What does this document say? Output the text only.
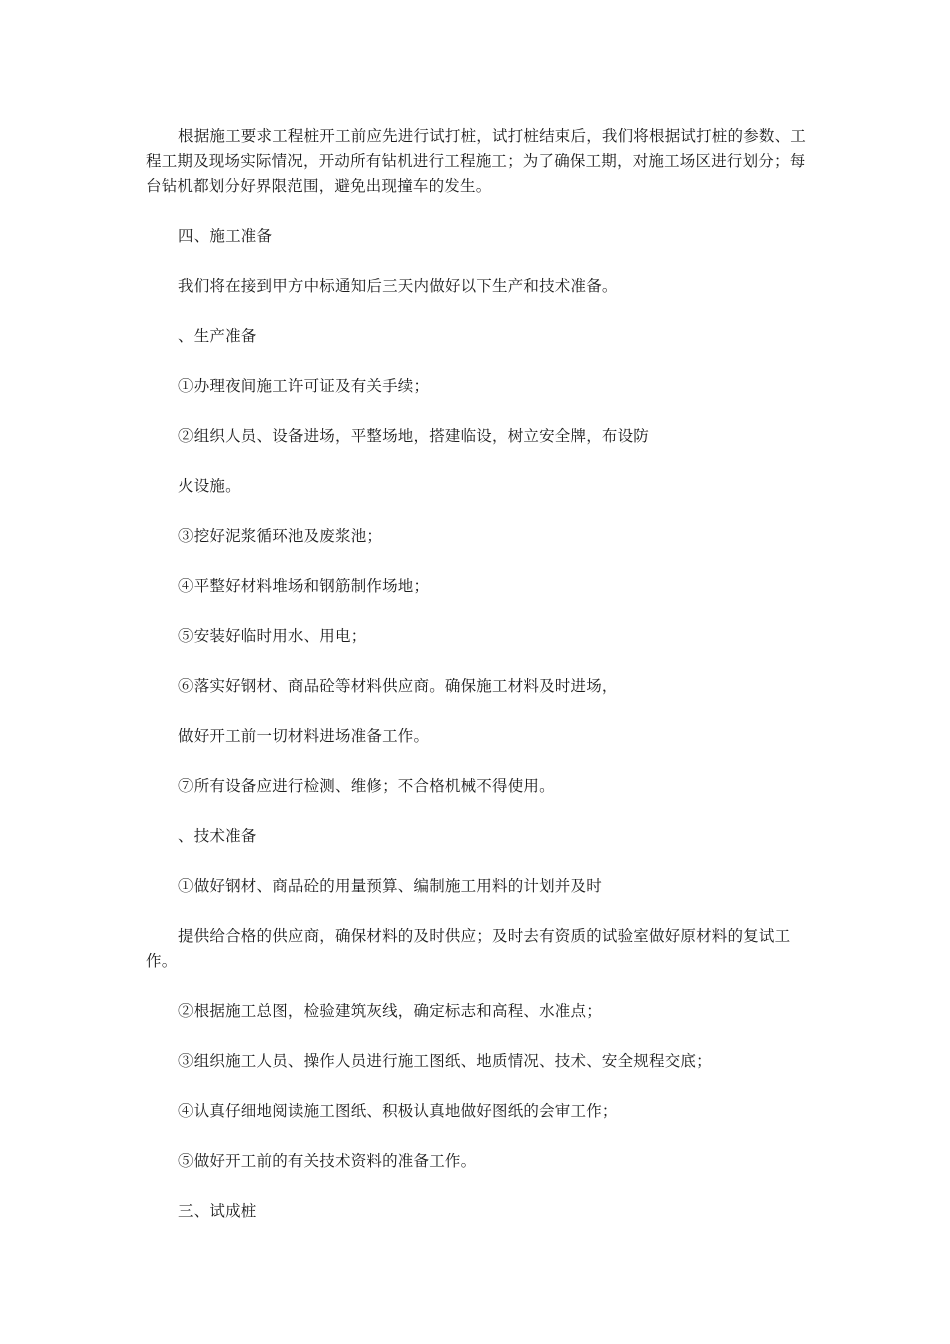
根据施工要求工程桩开工前应先进行试打桩，试打桩结束后，我们将根据试打桩的参数、工程工期及现场实际情况，开动所有钻机进行工程施工；为了确保工期，对施工场区进行划分；每台钻机都划分好界限范围，避免出现撞车的发生。
四、施工准备
我们将在接到甲方中标通知后三天内做好以下生产和技术准备。
、生产准备
①办理夜间施工许可证及有关手续；
②组织人员、设备进场，平整场地，搭建临设，树立安全牌，布设防
火设施。
③挖好泥浆循环池及废浆池；
④平整好材料堆场和钢筋制作场地；
⑤安装好临时用水、用电；
⑥落实好钢材、商品砼等材料供应商。确保施工材料及时进场，
做好开工前一切材料进场准备工作。
⑦所有设备应进行检测、维修；不合格机械不得使用。
、技术准备
①做好钢材、商品砼的用量预算、编制施工用料的计划并及时
提供给合格的供应商，确保材料的及时供应；及时去有资质的试验室做好原材料的复试工作。
②根据施工总图，检验建筑灰线，确定标志和高程、水准点；
③组织施工人员、操作人员进行施工图纸、地质情况、技术、安全规程交底；
④认真仔细地阅读施工图纸、积极认真地做好图纸的会审工作；
⑤做好开工前的有关技术资料的准备工作。
三、试成桩
